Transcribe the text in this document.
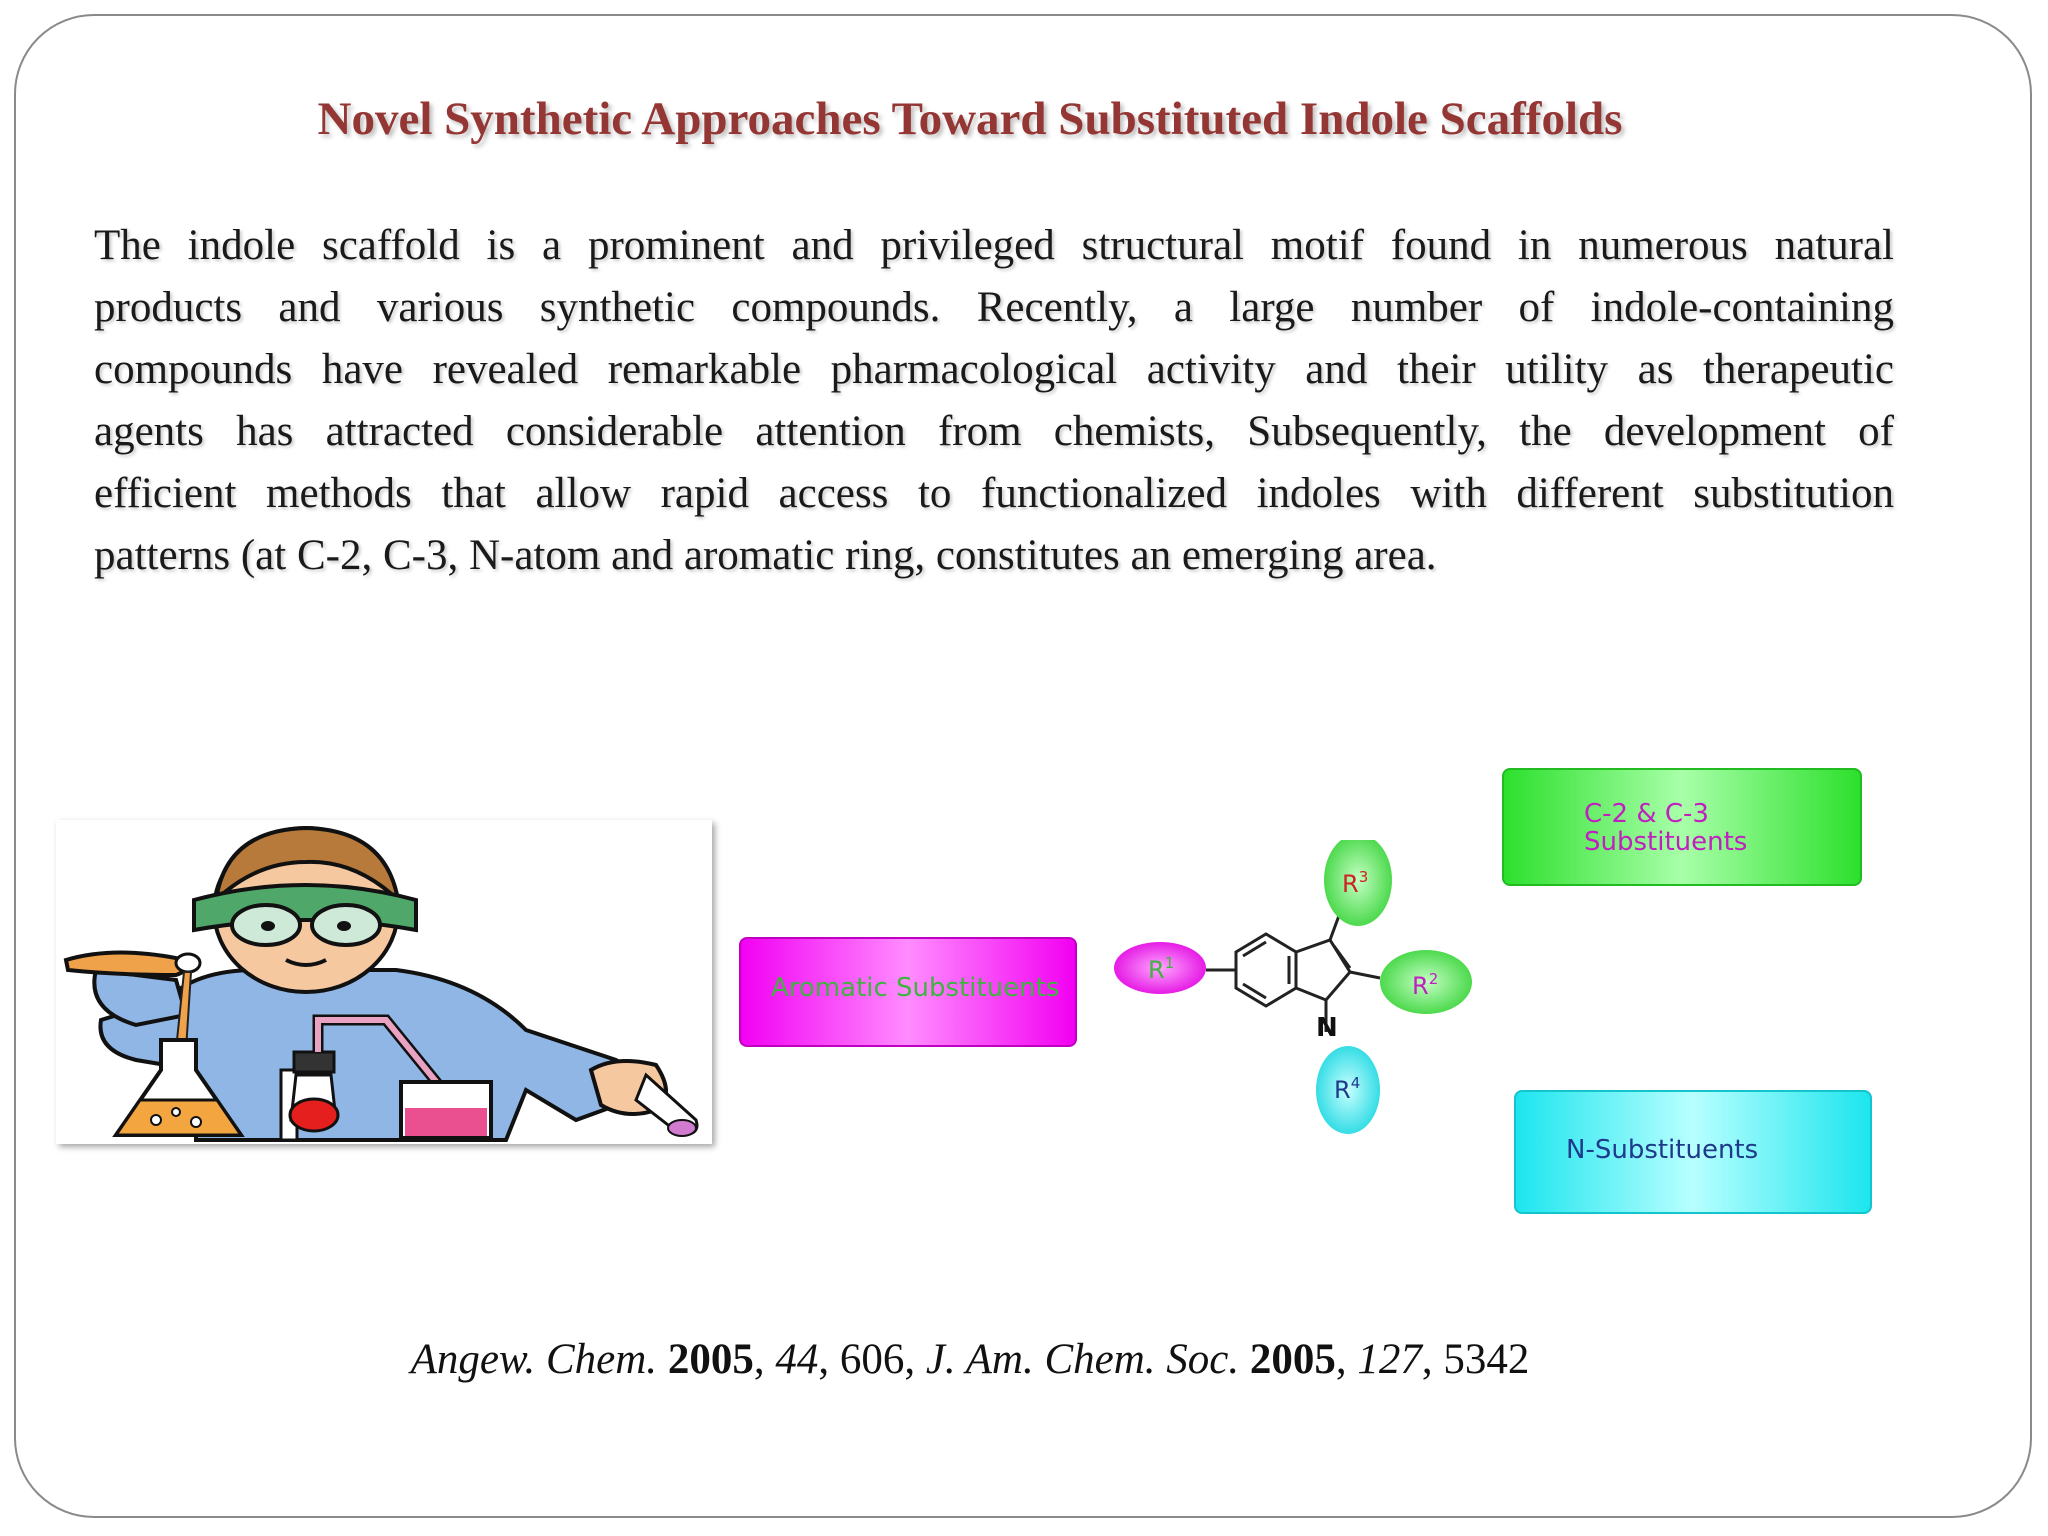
Novel Synthetic Approaches Toward Substituted Indole Scaffolds
The indole scaffold is a prominent and privileged structural motif found in numerous natural
products and various synthetic compounds. Recently, a large number of indole-containing
compounds have revealed remarkable pharmacological activity and their utility as therapeutic
agents has attracted considerable attention from chemists, Subsequently, the development of
efficient methods that allow rapid access to functionalized indoles with different substitution
patterns (at C-2, C-3, N-atom and aromatic ring, constitutes an emerging area.
Aromatic Substituents
C-2 & C-3
Substituents
N-Substituents
N
$R^1$
$R^3$
$R^2$
$R^4$
Angew. Chem. 2005, 44, 606, J. Am. Chem. Soc. 2005, 127, 5342
